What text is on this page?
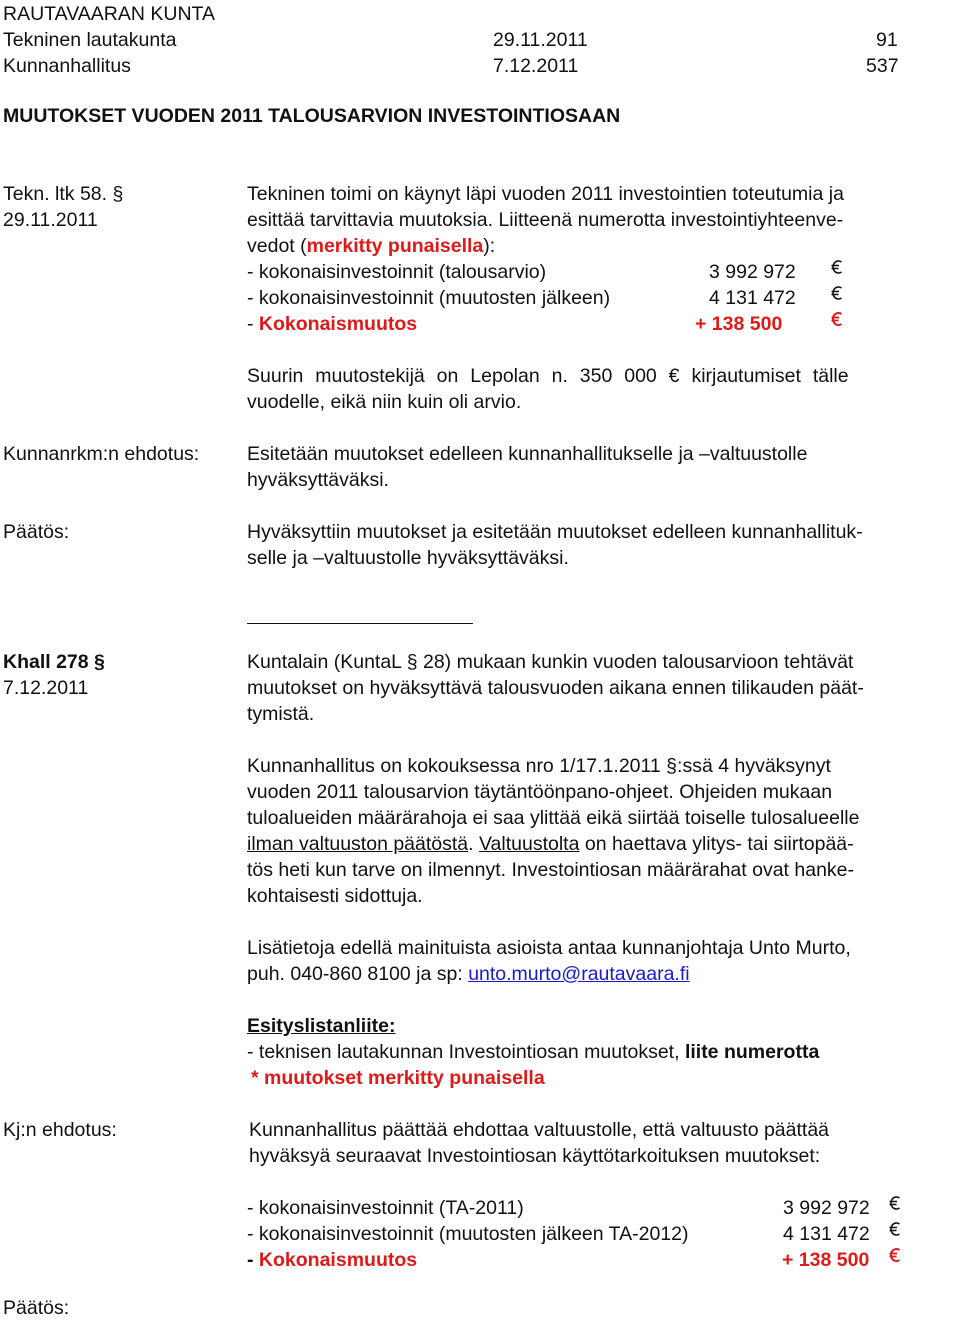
RAUTAVAARAN KUNTA
Tekninen lautakunta	29.11.2011	91
Kunnanhallitus	7.12.2011	537
MUUTOKSET VUODEN 2011 TALOUSARVION INVESTOINTIOSAAN
Tekn. ltk 58. §
29.11.2011
Tekninen toimi on käynyt läpi vuoden 2011 investointien toteutumia ja
esittää tarvittavia muutoksia. Liitteenä numerotta investointiyhteenve-
vedot (merkitty punaisella):
- kokonaisinvestoinnit (talousarvio)	3 992 972
- kokonaisinvestoinnit (muutosten jälkeen)	4 131 472
- Kokonaismuutos	+ 138 500
Suurin muutostekijä on Lepolan n. 350 000 € kirjautumiset tälle
vuodelle, eikä niin kuin oli arvio.
Kunnanrkm:n ehdotus: Esitetään muutokset edelleen kunnanhallitukselle ja –valtuustolle
hyväksyttäväksi.
Päätös:	Hyväksyttiin muutokset ja esitetään muutokset edelleen kunnanhallituk-
selle ja –valtuustolle hyväksyttäväksi.
Khall 278 §
7.12.2011
Kuntalain (KuntaL § 28) mukaan kunkin vuoden talousarvioon tehtävät
muutokset on hyväksyttävä talousvuoden aikana ennen tilikauden päät-
tymistä.
Kunnanhallitus on kokouksessa nro 1/17.1.2011 §:ssä 4 hyväksynyt
vuoden 2011 talousarvion täytäntöönpano-ohjeet. Ohjeiden mukaan
tuloalueiden määrärahoja ei saa ylittää eikä siirtää toiselle tulosalueelle
ilman valtuuston päätöstä. Valtuustolta on haettava ylitys- tai siirtopää-
tös heti kun tarve on ilmennyt. Investointiosan määrärahat ovat hanke-
kohtaisesti sidottuja.
Lisätietoja edellä mainituista asioista antaa kunnanjohtaja Unto Murto,
puh. 040-860 8100 ja sp: unto.murto@rautavaara.fi
Esityslistanliite:
- teknisen lautakunnan Investointiosan muutokset, liite numerotta
* muutokset merkitty punaisella
Kj:n ehdotus:	Kunnanhallitus päättää ehdottaa valtuustolle, että valtuusto päättää
hyväksyä seuraavat Investointiosan käyttötarkoituksen muutokset:
- kokonaisinvestoinnit (TA-2011)	3 992 972
- kokonaisinvestoinnit (muutosten jälkeen TA-2012)	4 131 472
- Kokonaismuutos	+ 138 500
Päätös:
